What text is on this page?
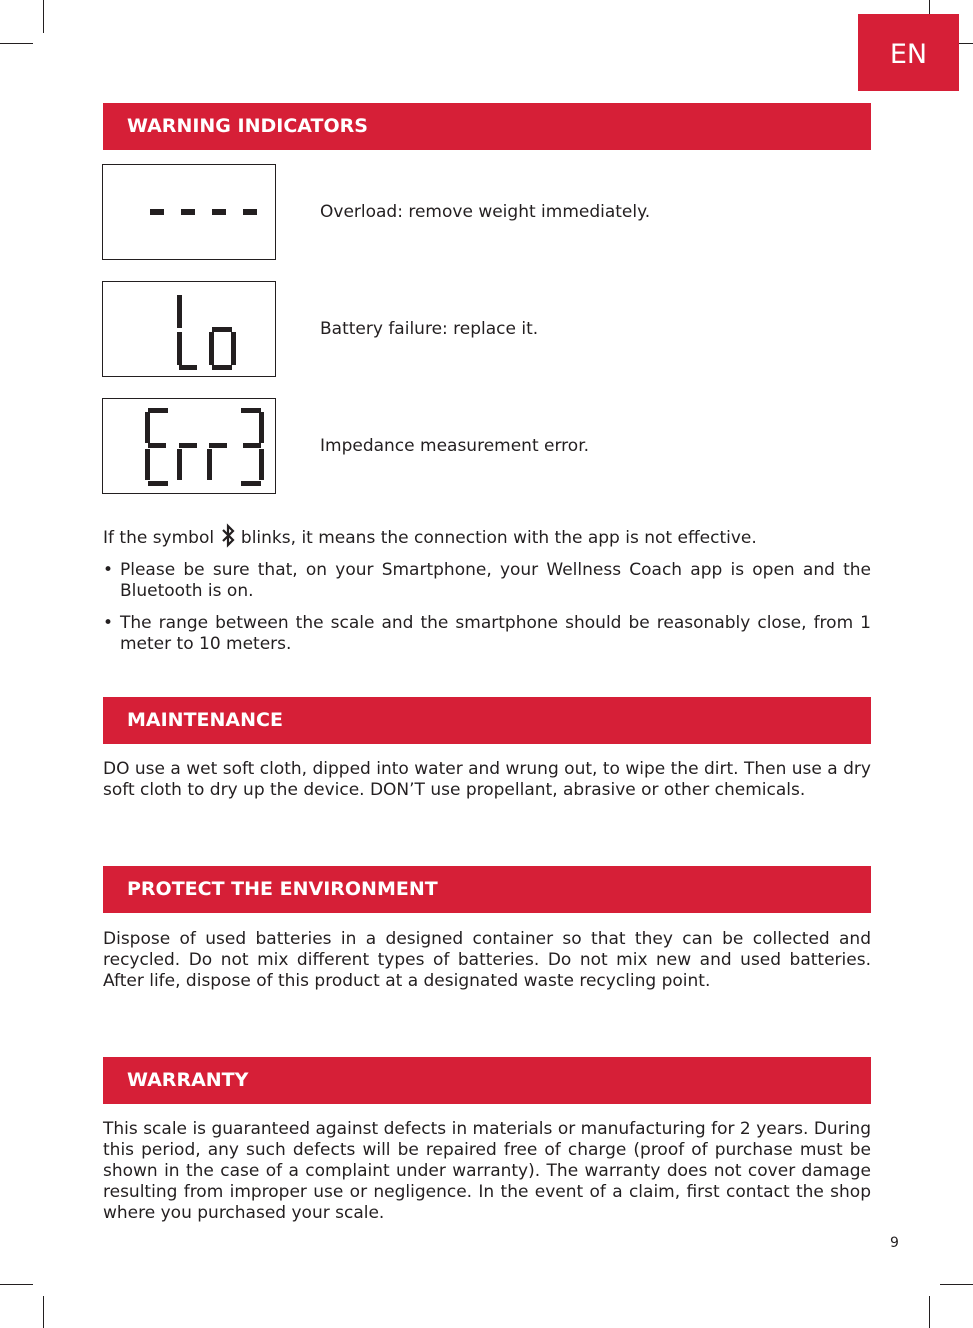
EN
WARNING INDICATORS
Overload: remove weight immediately.
Battery failure: replace it.
Impedance measurement error.
If the symbol blinks, it means the connection with the app is not effective.
• Please be sure that, on your Smartphone, your Wellness Coach app is open and the Bluetooth is on.
• The range between the scale and the smartphone should be reasonably close, from 1 meter to 10 meters.
MAINTENANCE

DO use a wet soft cloth, dipped into water and wrung out, to wipe the dirt. Then use a dry soft cloth to dry up the device. DON’T use propellant, abrasive or other chemicals.

PROTECT THE ENVIRONMENT

Dispose of used batteries in a designed container so that they can be collected and recycled. Do not mix different types of batteries. Do not mix new and used batteries. After life, dispose of this product at a designated waste recycling point.

WARRANTY

This scale is guaranteed against defects in materials or manufacturing for 2 years. During this period, any such defects will be repaired free of charge (proof of purchase must be shown in the case of a complaint under warranty). The warranty does not cover damage resulting from improper use or negligence. In the event of a claim, first contact the shop where you purchased your scale.

9
